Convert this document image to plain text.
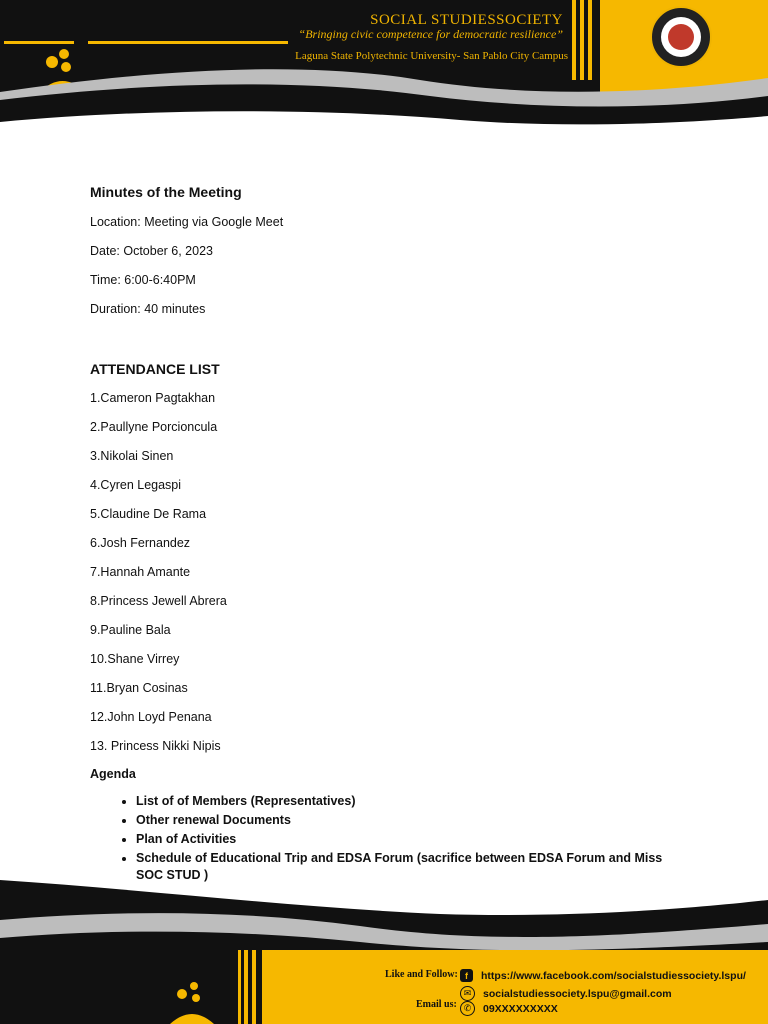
SOCIAL STUDIESSOCIETY
“Bringing civic competence for democratic resilience”
Laguna State Polytechnic University- San Pablo City Campus
Minutes of the Meeting
Location: Meeting via Google Meet
Date: October 6, 2023
Time: 6:00-6:40PM
Duration: 40 minutes
ATTENDANCE LIST
1.Cameron Pagtakhan
2.Paullyne Porcioncula
3.Nikolai Sinen
4.Cyren Legaspi
5.Claudine De Rama
6.Josh Fernandez
7.Hannah Amante
8.Princess Jewell Abrera
9.Pauline Bala
10.Shane Virrey
11.Bryan Cosinas
12.John Loyd Penana
13. Princess Nikki Nipis
Agenda
• List of of Members (Representatives)
• Other renewal Documents
• Plan of Activities
• Schedule of Educational Trip and EDSA Forum (sacrifice between EDSA Forum and Miss SOC STUD )
Like and Follow:
Email us:
f	https://www.facebook.com/socialstudiessociety.lspu/
✉	socialstudiessociety.lspu@gmail.com
✆	09XXXXXXXXX
